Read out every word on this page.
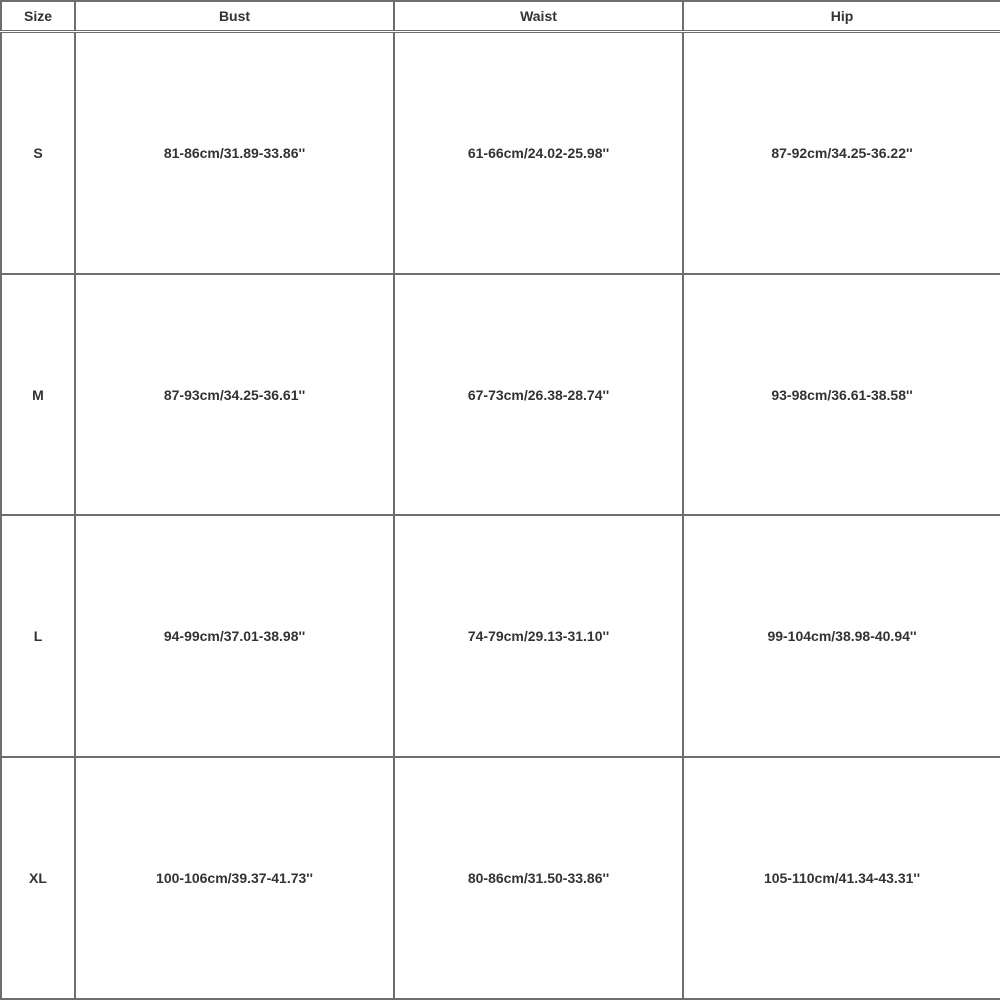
Size	Bust	Waist	Hip
S	81-86cm/31.89-33.86''	61-66cm/24.02-25.98''	87-92cm/34.25-36.22''
M	87-93cm/34.25-36.61''	67-73cm/26.38-28.74''	93-98cm/36.61-38.58''
L	94-99cm/37.01-38.98''	74-79cm/29.13-31.10''	99-104cm/38.98-40.94''
XL	100-106cm/39.37-41.73''	80-86cm/31.50-33.86''	105-110cm/41.34-43.31''
